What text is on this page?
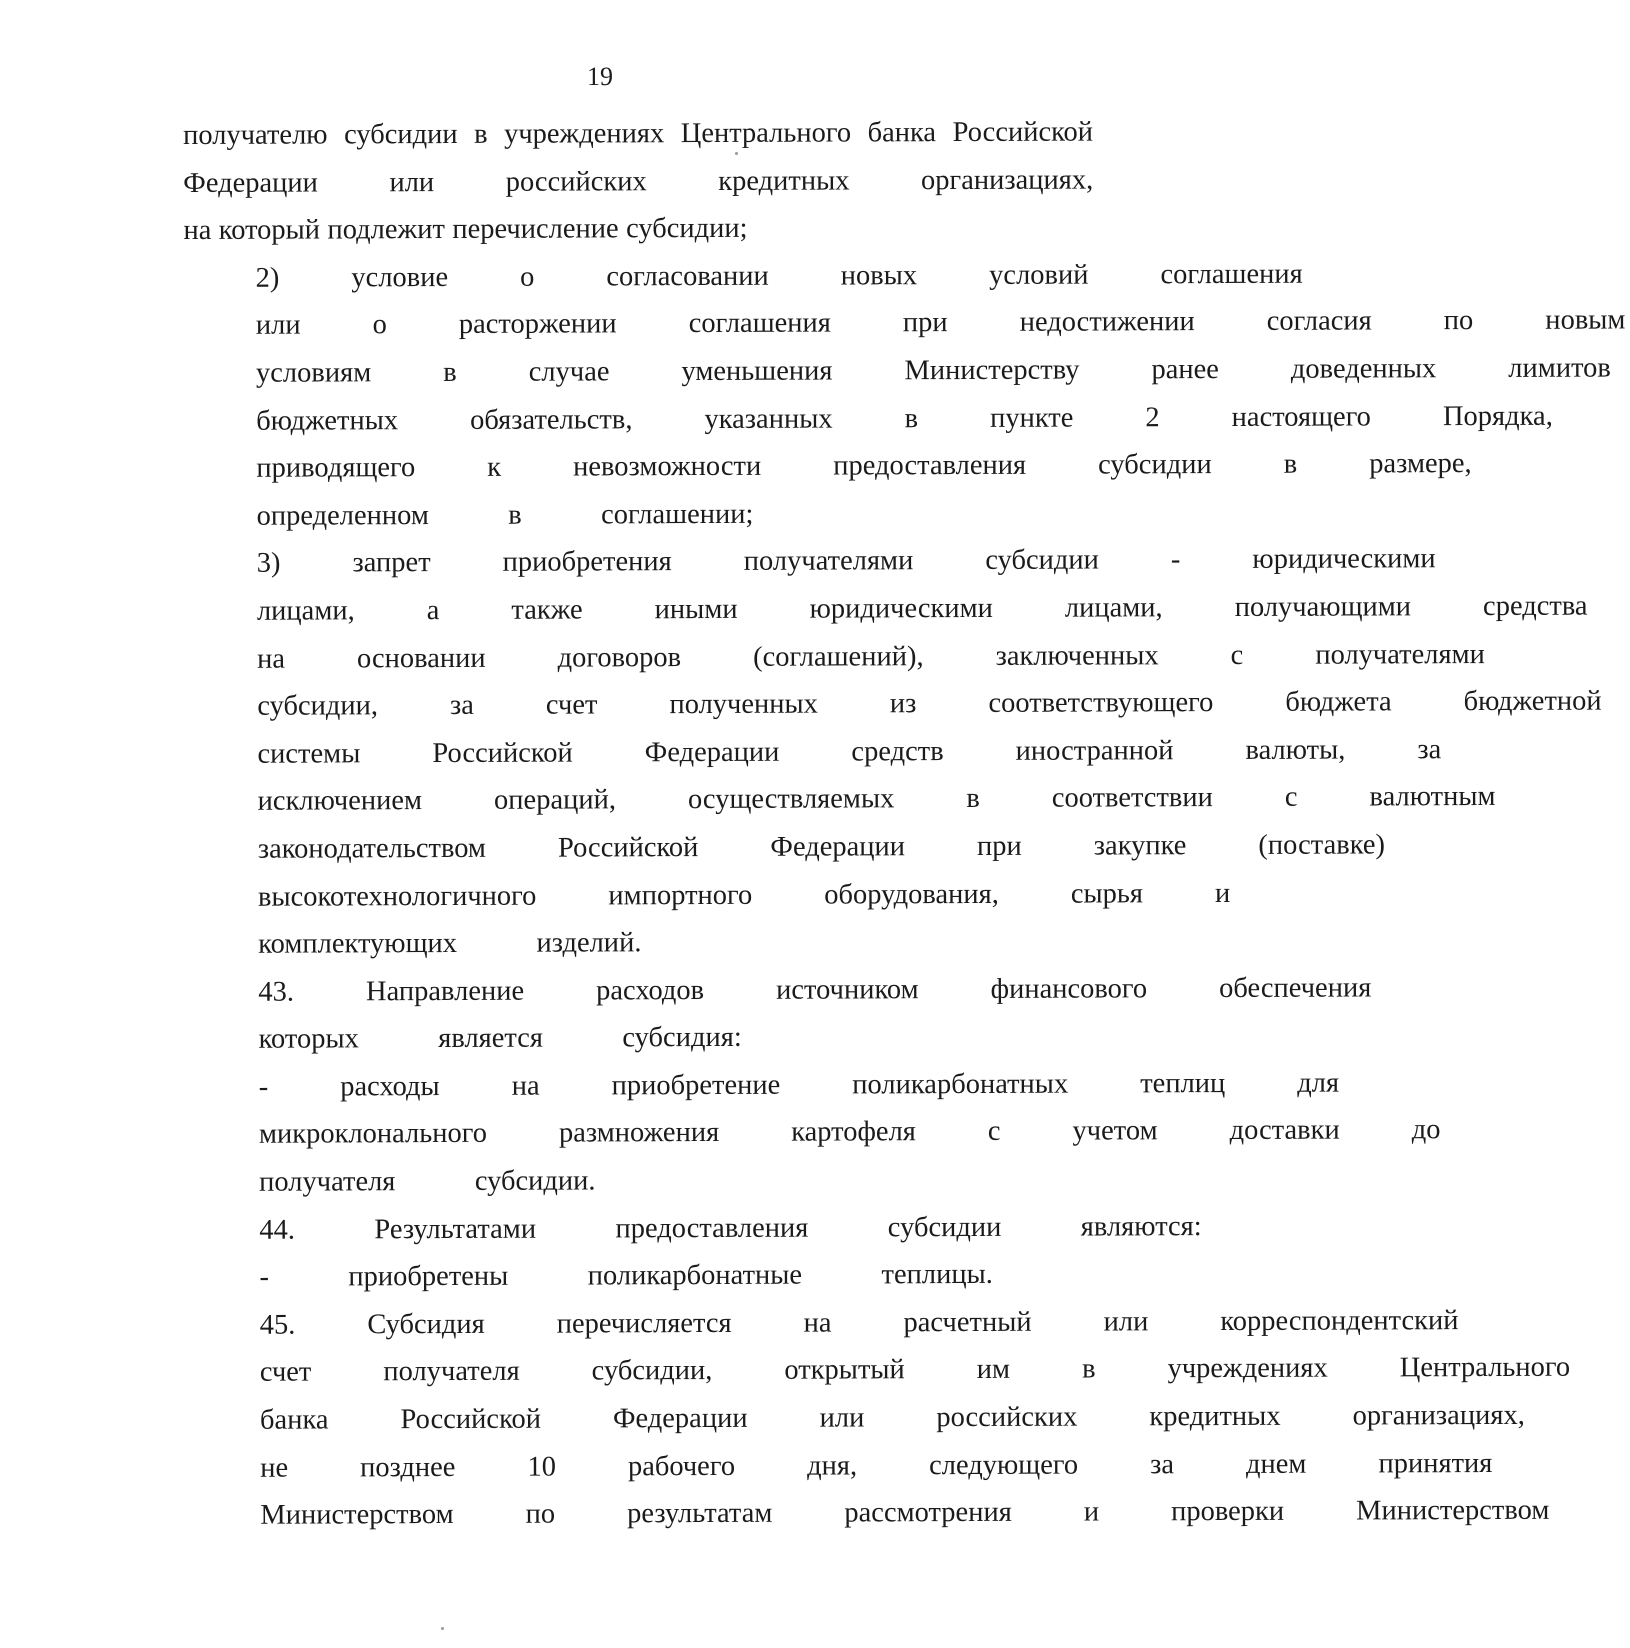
19

получателю субсидии в учреждениях Центрального банка Российской
Федерации	или	российских	кредитных	организациях,
на который подлежит перечисление субсидии;

2)	условие	о	согласовании	новых	условий	соглашения
или	о	расторжении	соглашения	при	недостижении	согласия	по	новым
условиям	в	случае	уменьшения	Министерству	ранее	доведенных	лимитов
бюджетных	обязательств,	указанных	в	пункте	2	настоящего	Порядка,
приводящего	к	невозможности	предоставления	субсидии	в	размере,
определенном	в	соглашении;

3)	запрет	приобретения	получателями	субсидии	-	юридическими
лицами,	а	также	иными	юридическими	лицами,	получающими	средства
на	основании	договоров	(соглашений),	заключенных	с	получателями
субсидии,	за	счет	полученных	из	соответствующего	бюджета	бюджетной
системы	Российской	Федерации	средств	иностранной	валюты,	за
исключением	операций,	осуществляемых	в	соответствии	с	валютным
законодательством	Российской	Федерации	при	закупке	(поставке)
высокотехнологичного	импортного	оборудования,	сырья	и
комплектующих	изделий.

43.	Направление	расходов	источником	финансового	обеспечения
которых	является	субсидия:

-	расходы	на	приобретение	поликарбонатных	теплиц	для
микроклонального	размножения	картофеля	с	учетом	доставки	до
получателя	субсидии.

44.	Результатами	предоставления	субсидии	являются:

-	приобретены	поликарбонатные	теплицы.

45.	Субсидия	перечисляется	на	расчетный	или	корреспондентский
счет	получателя	субсидии,	открытый	им	в	учреждениях	Центрального
банка	Российской	Федерации	или	российских	кредитных	организациях,
не	позднее	10	рабочего	дня,	следующего	за	днем	принятия
Министерством	по	результатам	рассмотрения	и	проверки	Министерством
